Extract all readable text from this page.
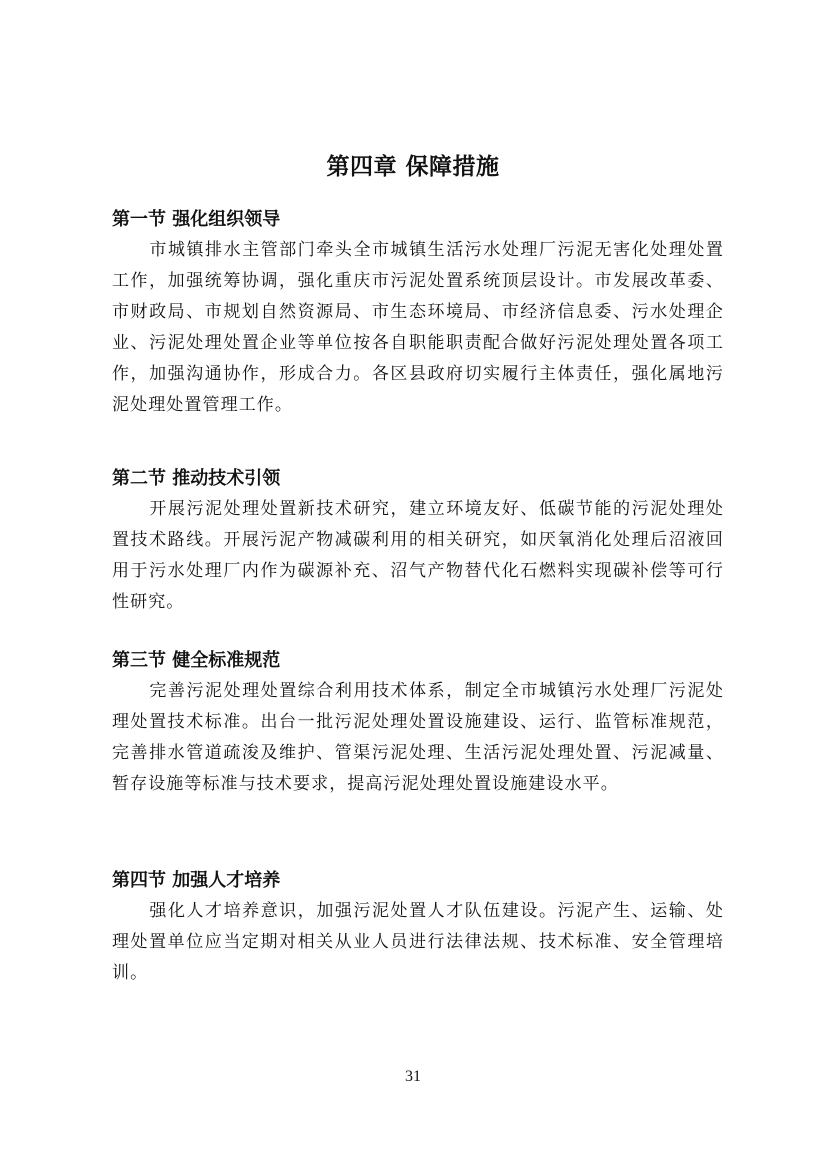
第四章 保障措施
第一节 强化组织领导

市城镇排水主管部门牵头全市城镇生活污水处理厂污泥无害化处理处置工作，加强统筹协调，强化重庆市污泥处置系统顶层设计。市发展改革委、市财政局、市规划自然资源局、市生态环境局、市经济信息委、污水处理企业、污泥处理处置企业等单位按各自职能职责配合做好污泥处理处置各项工作，加强沟通协作，形成合力。各区县政府切实履行主体责任，强化属地污泥处理处置管理工作。

第二节 推动技术引领

开展污泥处理处置新技术研究，建立环境友好、低碳节能的污泥处理处置技术路线。开展污泥产物减碳利用的相关研究，如厌氧消化处理后沼液回用于污水处理厂内作为碳源补充、沼气产物替代化石燃料实现碳补偿等可行性研究。

第三节 健全标准规范

完善污泥处理处置综合利用技术体系，制定全市城镇污水处理厂污泥处理处置技术标准。出台一批污泥处理处置设施建设、运行、监管标准规范，完善排水管道疏浚及维护、管渠污泥处理、生活污泥处理处置、污泥减量、暂存设施等标准与技术要求，提高污泥处理处置设施建设水平。

第四节 加强人才培养

强化人才培养意识，加强污泥处置人才队伍建设。污泥产生、运输、处理处置单位应当定期对相关从业人员进行法律法规、技术标准、安全管理培训。

31
